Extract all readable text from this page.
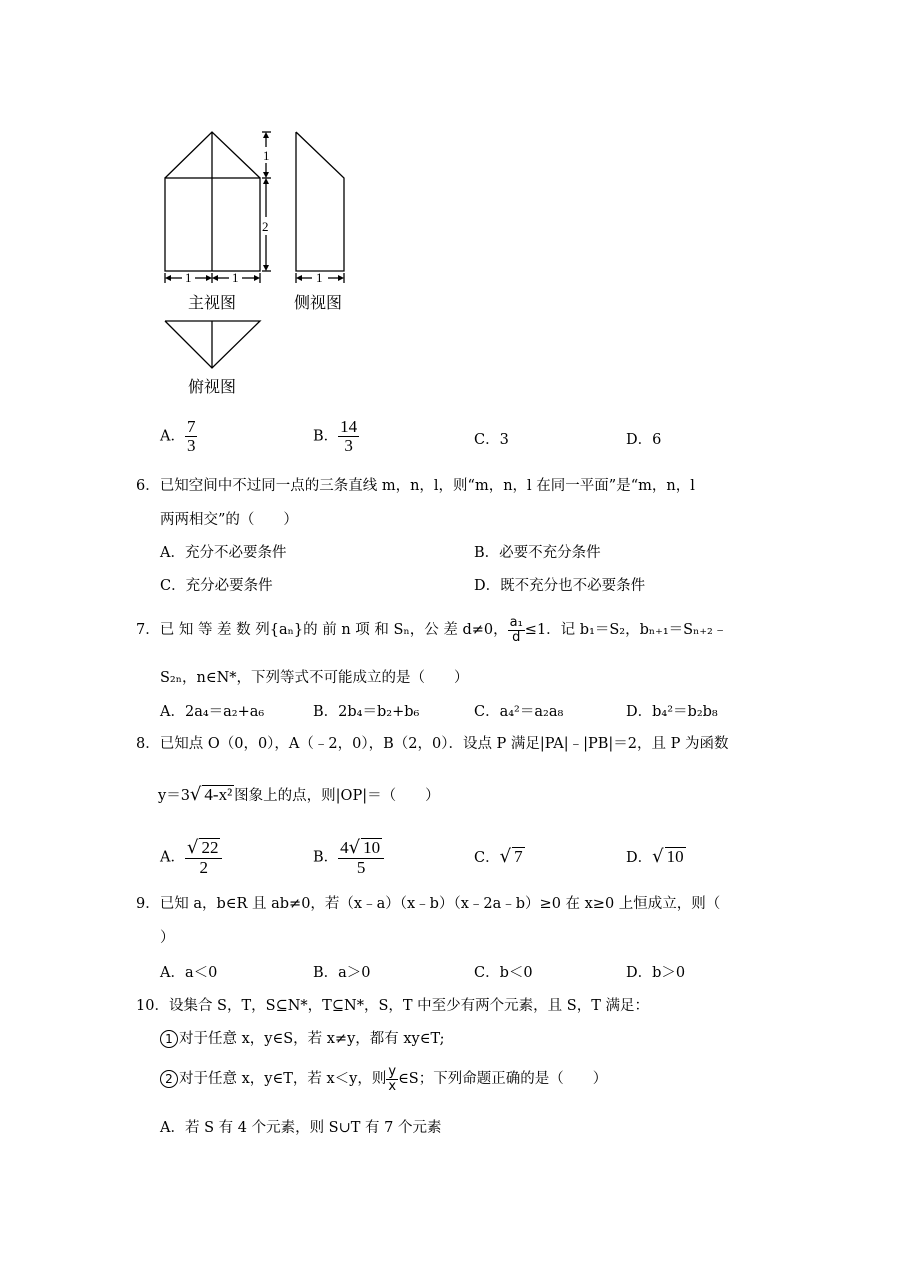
1
2
1	1	1
主视图	侧视图
俯视图
A． $\frac{7}{3}$	B． $\frac{14}{3}$	C．3	D．6
6．已知空间中不过同一点的三条直线 m，n，l，则“m，n，l 在同一平面”是“m，n，l
两两相交”的（　　）
A．充分不必要条件	B．必要不充分条件
C．充分必要条件	D．既不充分也不必要条件
7．已 知 等 差 数 列{aₙ}的 前 n 项 和 Sₙ，公 差 d≠0， $\frac{\text{a₁}}{d} \le 1$．记 b₁＝S₂，bₙ₊₁＝Sₙ₊₂﹣
S₂ₙ，n∈N*，下列等式不可能成立的是（　　）
A．2a₄＝a₂+a₆	B．2b₄＝b₂+b₆	C．a₄²＝a₂a₈	D．b₄²＝b₂b₈
8．已知点 O（0，0），A（﹣2，0），B（2，0）．设点 P 满足|PA|﹣|PB|＝2，且 P 为函数
y＝3√ 4-x² 图象上的点，则|OP|＝（　　）
A． $\frac{√ 22}{2}$	B． $\frac{4√ 10}{5}$	C．√ 7	D．√ 10
9．已知 a，b∈R 且 ab≠0，若（x﹣a）（x﹣b）（x﹣2a﹣b）≥0 在 x≥0 上恒成立，则（
）
A．a＜0	B．a＞0	C．b＜0	D．b＞0
10．设集合 S，T，S⊆N*，T⊆N*，S，T 中至少有两个元素，且 S，T 满足：
1 对于任意 x，y∈S，若 x≠y，都有 xy∈T;
2 对于任意 x，y∈T，若 x＜y，则 $\frac{y}{x}$ ∈S；下列命题正确的是（　　）
A．若 S 有 4 个元素，则 S∪T 有 7 个元素
